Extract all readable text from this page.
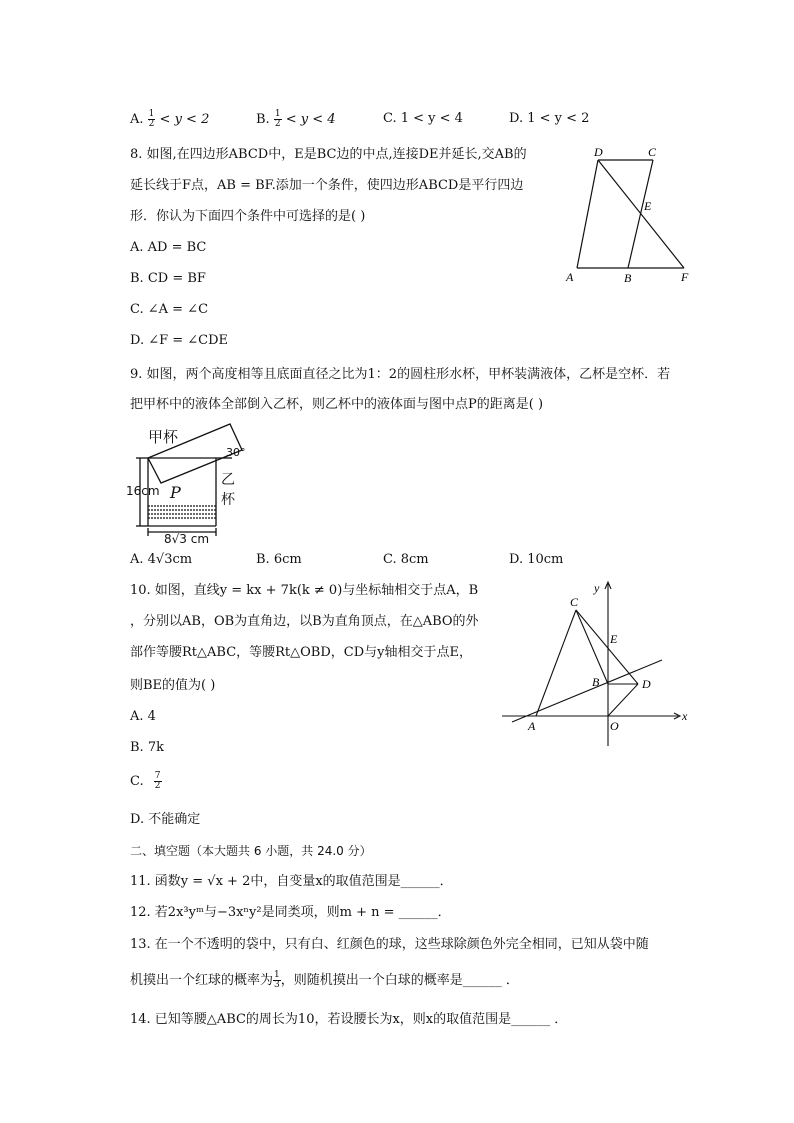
A. $\frac{1}{2} < y < 2$	B. $\frac{1}{2} < y < 4$	C. 1 < y < 4	D. 1 < y < 2
8. 如图,在四边形ABCD中，E是BC边的中点,连接DE并延长,交AB的
延长线于F点，AB = BF.添加一个条件，使四边形ABCD是平行四边
形．你认为下面四个条件中可选择的是( )
A. AD = BC
B. CD = BF
C. ∠A = ∠C
D. ∠F = ∠CDE
D	C
E
A	B	F
9. 如图，两个高度相等且底面直径之比为1：2的圆柱形水杯，甲杯装满液体，乙杯是空杯．若
把甲杯中的液体全部倒入乙杯，则乙杯中的液体面与图中点P的距离是( )
甲杯
30°
16cm P
乙
杯
8√3 cm
A. 4√3cm	B. 6cm	C. 8cm	D. 10cm
10. 如图，直线y = kx + 7k(k ≠ 0)与坐标轴相交于点A，B
，分别以AB，OB为直角边，以B为直角顶点，在△ABO的外
部作等腰Rt△ABC，等腰Rt△OBD，CD与y轴相交于点E，
则BE的值为( )
A. 4
B. 7k
C. $\frac{7}{2}$
D. 不能确定
y
x
C
E
B	D
A	O
二、填空题（本大题共 6 小题，共 24.0 分）
11. 函数y = √x + 2中，自变量x的取值范围是______．
12. 若2x³yᵐ与−3xⁿy²是同类项，则m + n = ______．
13. 在一个不透明的袋中，只有白、红颜色的球，这些球除颜色外完全相同，已知从袋中随
机摸出一个红球的概率为 $\frac{1}{3}$ ，则随机摸出一个白球的概率是______ ．
14. 已知等腰△ABC的周长为10，若设腰长为x，则x的取值范围是______ ．
